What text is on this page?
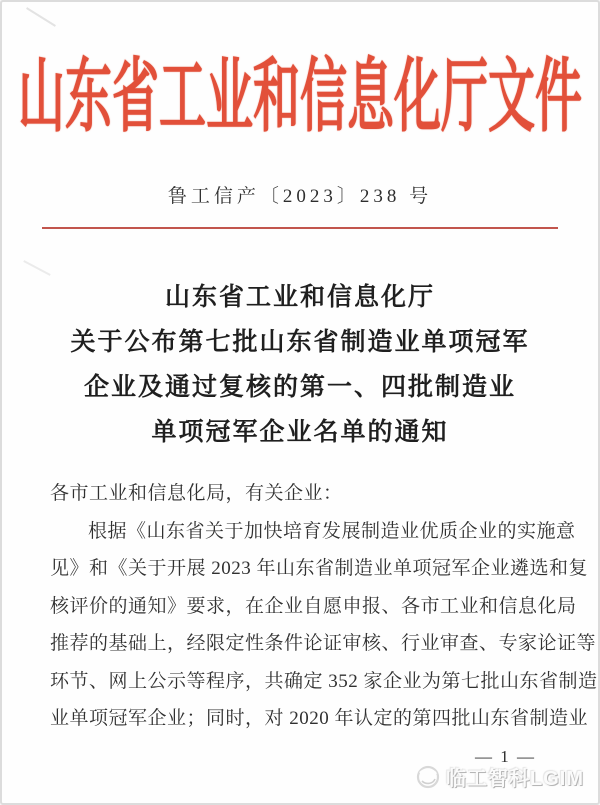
山东省工业和信息化厅文件
鲁工信产〔2023〕238 号
山东省工业和信息化厅
关于公布第七批山东省制造业单项冠军
企业及通过复核的第一、四批制造业
单项冠军企业名单的通知
各市工业和信息化局，有关企业：
根据《山东省关于加快培育发展制造业优质企业的实施意
见》和《关于开展 2023 年山东省制造业单项冠军企业遴选和复
核评价的通知》要求，在企业自愿申报、各市工业和信息化局
推荐的基础上，经限定性条件论证审核、行业审查、专家论证等
环节、网上公示等程序，共确定 352 家企业为第七批山东省制造
业单项冠军企业；同时，对 2020 年认定的第四批山东省制造业
— 1 —
临工智科LGIM
